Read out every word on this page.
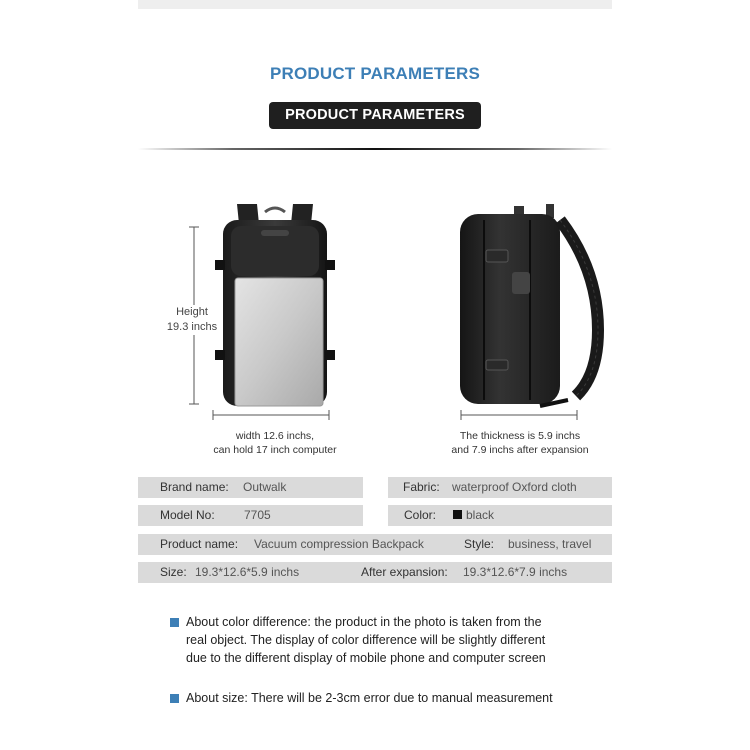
PRODUCT PARAMETERS
PRODUCT PARAMETERS
Height
19.3 inchs
width 12.6 inchs,
can hold 17 inch computer
The thickness is 5.9 inchs
and 7.9 inchs after expansion
Brand name: Outwalk	Fabric: waterproof Oxford cloth
Model No: 7705	Color:	black
Product name: Vacuum compression Backpack	Style: business, travel
Size: 19.3*12.6*5.9 inchs	After expansion: 19.3*12.6*7.9 inchs
About color difference: the product in the photo is taken from the
real object. The display of color difference will be slightly different
due to the different display of mobile phone and computer screen
About size: There will be 2-3cm error due to manual measurement
